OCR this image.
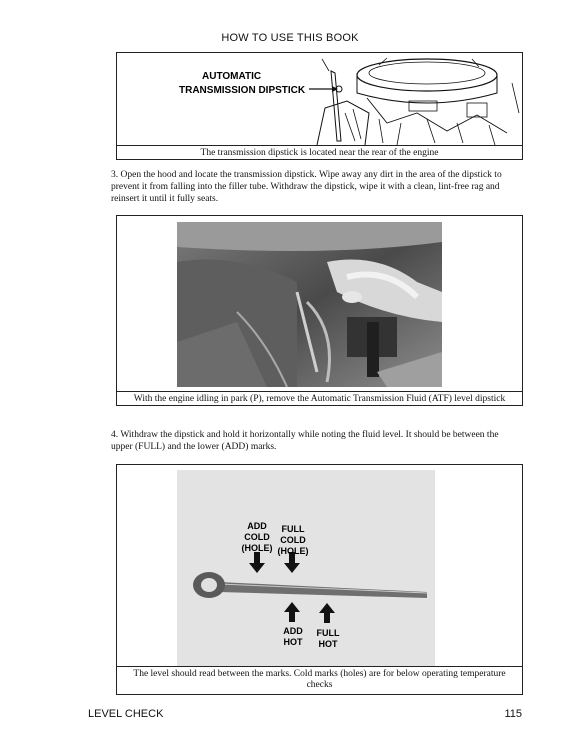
HOW TO USE THIS BOOK
AUTOMATIC
TRANSMISSION DIPSTICK
The transmission dipstick is located near the rear of the engine
3. Open the hood and locate the transmission dipstick. Wipe away any dirt in the area of the dipstick to prevent it from falling into the filler tube. Withdraw the dipstick, wipe it with a clean, lint-free rag and reinsert it until it fully seats.
With the engine idling in park (P), remove the Automatic Transmission Fluid (ATF) level dipstick
4. Withdraw the dipstick and hold it horizontally while noting the fluid level. It should be between the upper (FULL) and the lower (ADD) marks.
ADD
COLD
(HOLE)
FULL
COLD
(HOLE)
ADD
HOT
FULL
HOT
The level should read between the marks. Cold marks (holes) are for below operating temperature checks
LEVEL CHECK	115
